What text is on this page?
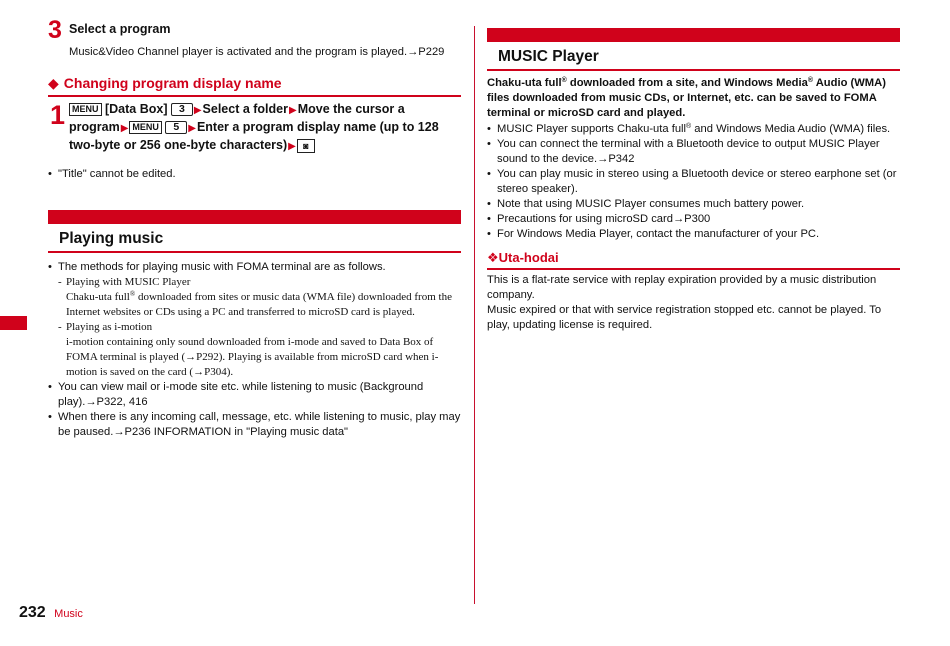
3 Select a program
Music&Video Channel player is activated and the program is played.→P229
◆ Changing program display name
1 MENU [Data Box] 3 ▶Select a folder▶Move the cursor a program▶ MENU 5 ▶Enter a program display name (up to 128 two-byte or 256 one-byte characters)▶ ◙
• "Title" cannot be edited.
Playing music
• The methods for playing music with FOMA terminal are as follows.
- Playing with MUSIC Player
Chaku-uta full® downloaded from sites or music data (WMA file) downloaded from the Internet websites or CDs using a PC and transferred to microSD card is played.
- Playing as i-motion
i-motion containing only sound downloaded from i-mode and saved to Data Box of FOMA terminal is played (→P292). Playing is available from microSD card when i-motion is saved on the card (→P304).
• You can view mail or i-mode site etc. while listening to music (Background play).→P322, 416
• When there is any incoming call, message, etc. while listening to music, play may be paused.→P236 INFORMATION in "Playing music data"
MUSIC Player
Chaku-uta full® downloaded from a site, and Windows Media® Audio (WMA) files downloaded from music CDs, or Internet, etc. can be saved to FOMA terminal or microSD card and played.
• MUSIC Player supports Chaku-uta full® and Windows Media Audio (WMA) files.
• You can connect the terminal with a Bluetooth device to output MUSIC Player sound to the device.→P342
• You can play music in stereo using a Bluetooth device or stereo earphone set (or stereo speaker).
• Note that using MUSIC Player consumes much battery power.
• Precautions for using microSD card→P300
• For Windows Media Player, contact the manufacturer of your PC.
❖Uta-hodai
This is a flat-rate service with replay expiration provided by a music distribution company.
Music expired or that with service registration stopped etc. cannot be played. To play, updating license is required.
232 Music
